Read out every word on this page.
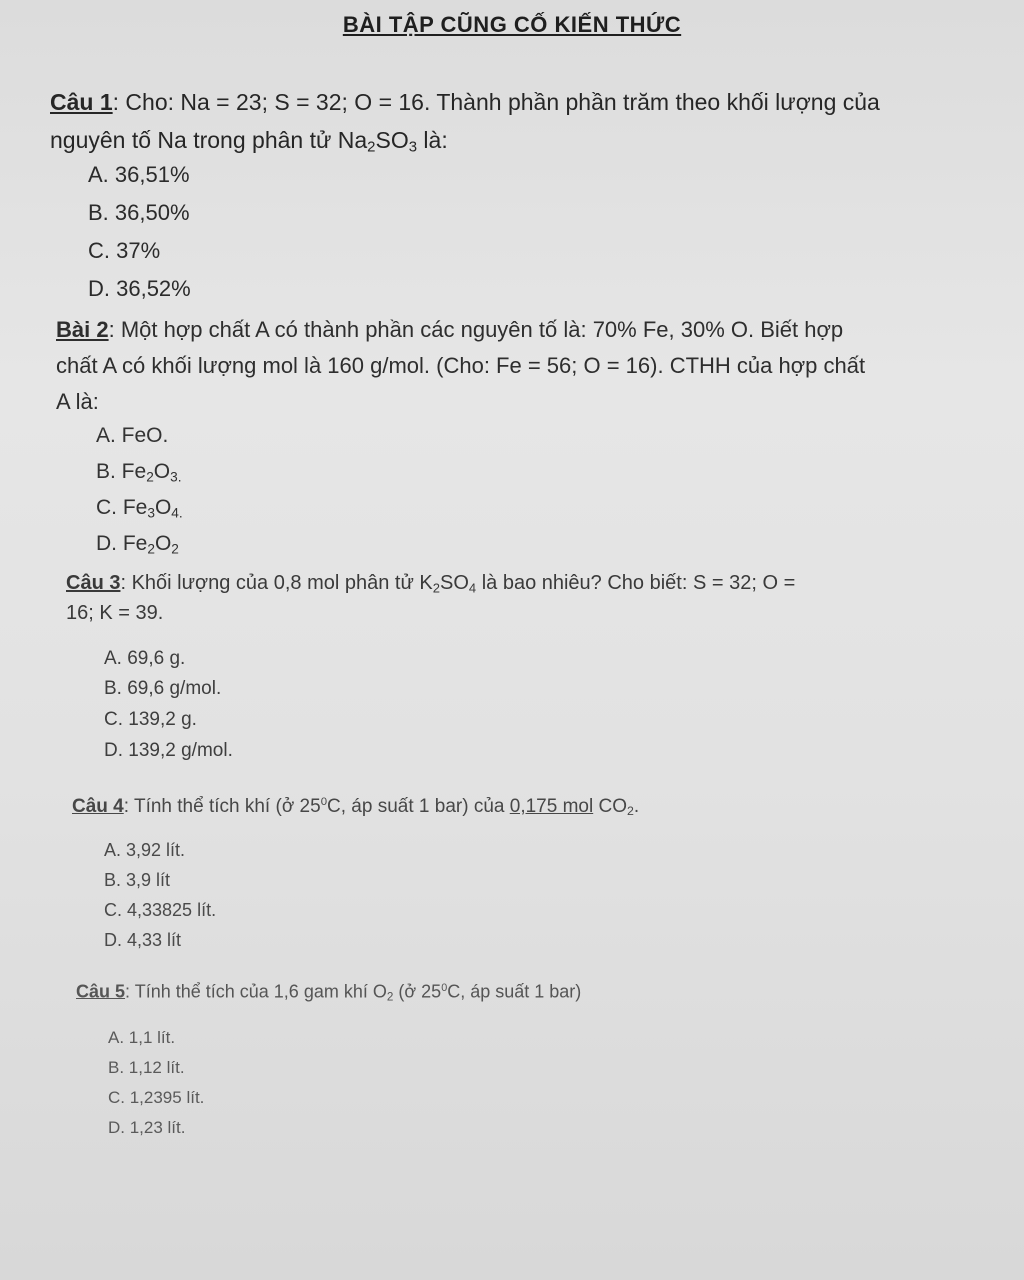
BÀI TẬP CŨNG CỐ KIẾN THỨC
Câu 1: Cho: Na = 23; S = 32; O = 16. Thành phần phần trăm theo khối lượng của
nguyên tố Na trong phân tử $Na_2SO_3$ là:
A. 36,51%
B. 36,50%
C. 37%
D. 36,52%
Bài 2: Một hợp chất A có thành phần các nguyên tố là: 70% Fe, 30% O. Biết hợp
chất A có khối lượng mol là 160 g/mol. (Cho: Fe = 56; O = 16). CTHH của hợp chất
A là:
A. FeO.
B. $Fe_2O_{3.}$
C. $Fe_3O_{4.}$
D. $Fe_2O_2$
Câu 3: Khối lượng của 0,8 mol phân tử $K_2SO_4$ là bao nhiêu? Cho biết: S = 32; O =
16; K = 39.
A. 69,6 g.
B. 69,6 g/mol.
C. 139,2 g.
D. 139,2 g/mol.
Câu 4: Tính thể tích khí (ở $25^0C$, áp suất 1 bar) của 0,175 mol $CO_2$.
A. 3,92 lít.
B. 3,9 lít
C. 4,33825 lít.
D. 4,33 lít
Câu 5: Tính thể tích của 1,6 gam khí $O_2$ (ở $25^0C$, áp suất 1 bar)
A. 1,1 lít.
B. 1,12 lít.
C. 1,2395 lít.
D. 1,23 lít.
